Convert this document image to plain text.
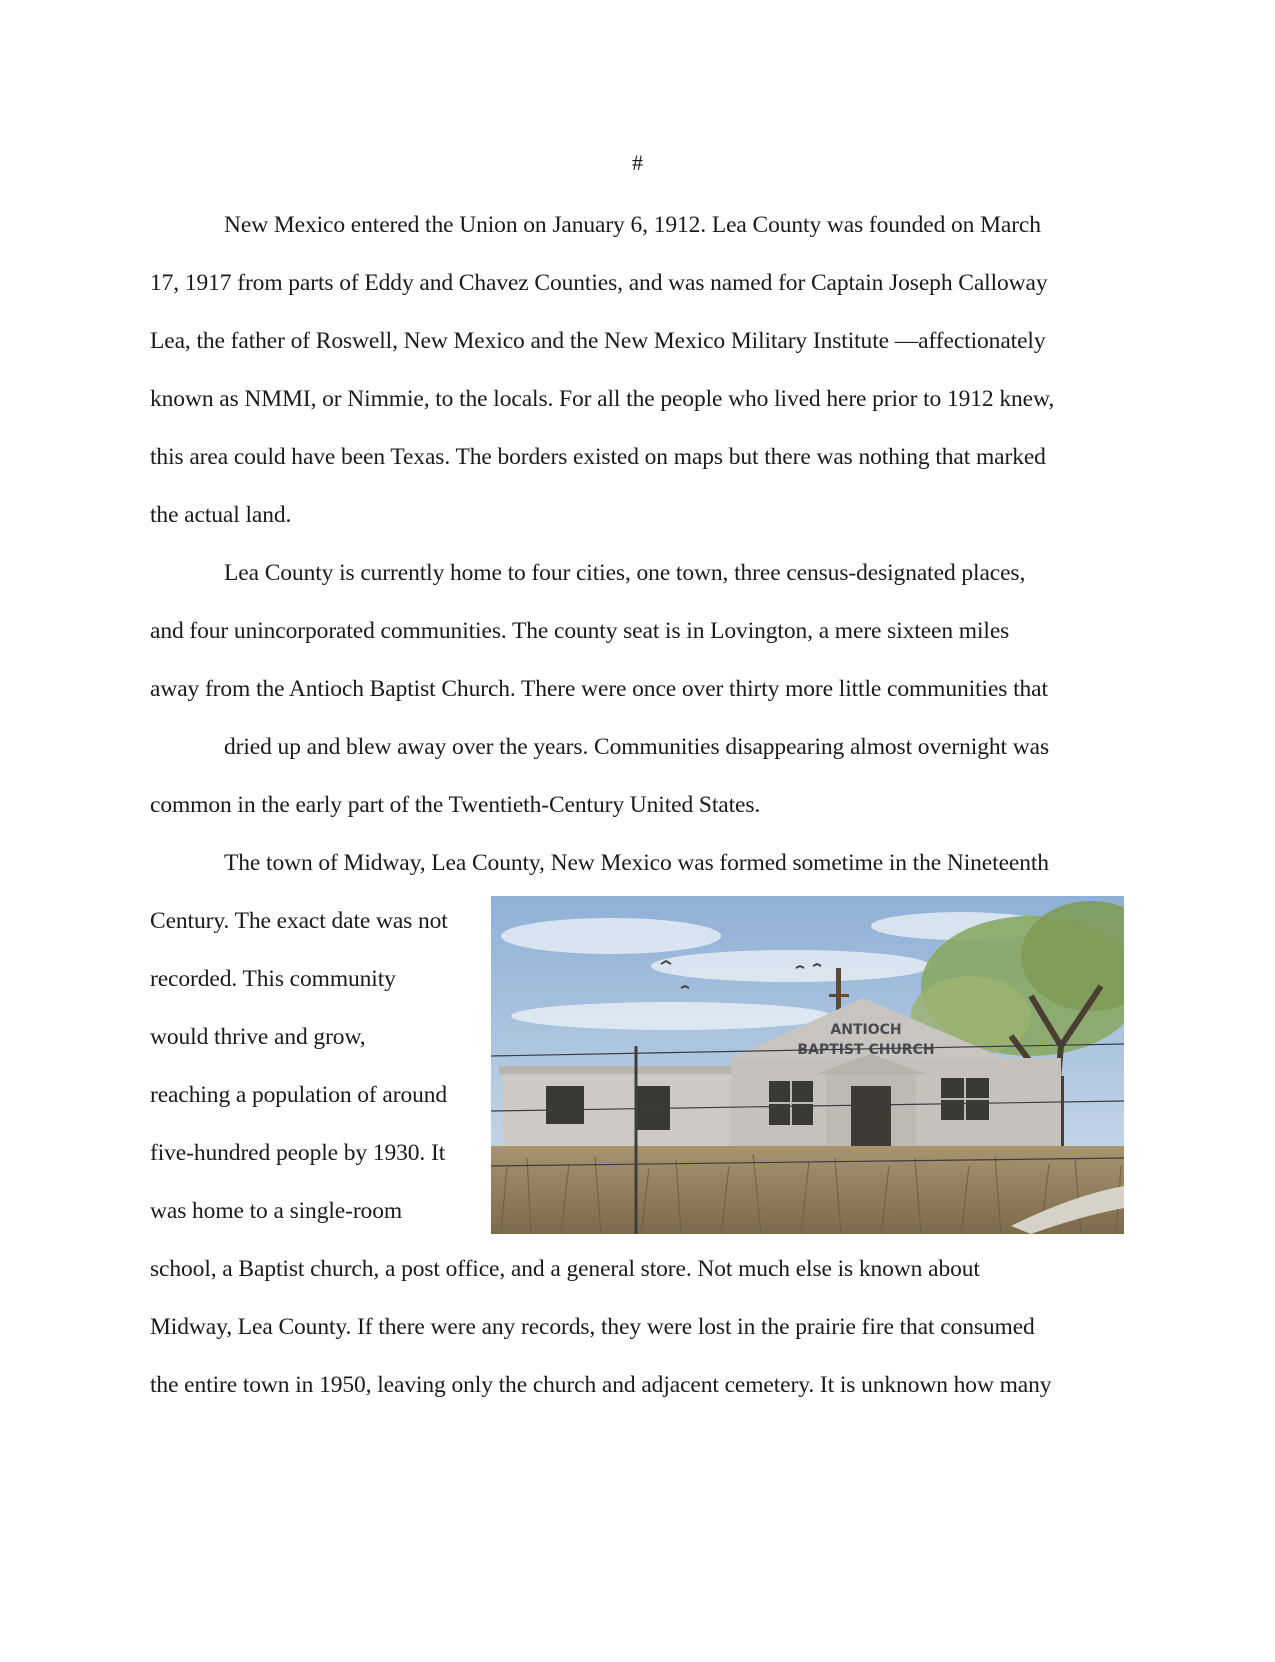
#
New Mexico entered the Union on January 6, 1912. Lea County was founded on March
17, 1917 from parts of Eddy and Chavez Counties, and was named for Captain Joseph Calloway
Lea, the father of Roswell, New Mexico and the New Mexico Military Institute —affectionately
known as NMMI, or Nimmie, to the locals. For all the people who lived here prior to 1912 knew,
this area could have been Texas. The borders existed on maps but there was nothing that marked
the actual land.
Lea County is currently home to four cities, one town, three census-designated places,
and four unincorporated communities. The county seat is in Lovington, a mere sixteen miles
away from the Antioch Baptist Church. There were once over thirty more little communities that
dried up and blew away over the years. Communities disappearing almost overnight was
common in the early part of the Twentieth-Century United States.
The town of Midway, Lea County, New Mexico was formed sometime in the Nineteenth
Century. The exact date was not
recorded. This community
would thrive and grow,
reaching a population of around
five-hundred people by 1930. It
was home to a single-room
school, a Baptist church, a post office, and a general store. Not much else is known about
Midway, Lea County. If there were any records, they were lost in the prairie fire that consumed
the entire town in 1950, leaving only the church and adjacent cemetery. It is unknown how many
ANTIOCH
BAPTIST CHURCH
